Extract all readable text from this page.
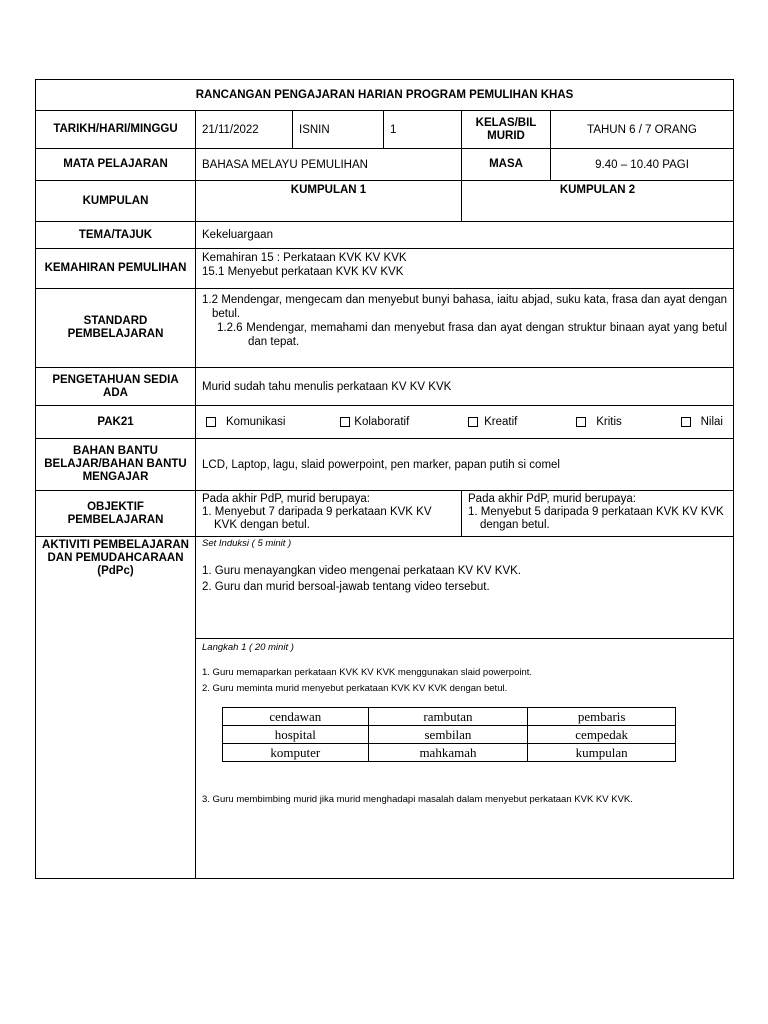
RANCANGAN PENGAJARAN HARIAN PROGRAM PEMULIHAN KHAS
TARIKH/HARI/MINGGU	21/11/2022	ISNIN	1	KELAS/BIL MURID	TAHUN 6 / 7 ORANG
MATA PELAJARAN	BAHASA MELAYU PEMULIHAN	MASA	9.40 – 10.40 PAGI
KUMPULAN	KUMPULAN 1	KUMPULAN 2
TEMA/TAJUK	Kekeluargaan
KEMAHIRAN PEMULIHAN	
Kemahiran 15 : Perkataan KVK KV KVK
15.1 Menyebut perkataan KVK KV KVK

STANDARD PEMBELAJARAN	
1.2 Mendengar, mengecam dan menyebut bunyi bahasa, iaitu abjad, suku kata, frasa dan ayat dengan betul.
1.2.6 Mendengar, memahami dan menyebut frasa dan ayat dengan struktur binaan ayat yang betul dan tepat.

PENGETAHUAN SEDIA ADA	Murid sudah tahu menulis perkataan KV KV KVK
PAK21	Komunikasi	Kolaboratif	Kreatif	Kritis	Nilai

BAHAN BANTU BELAJAR/BAHAN BANTU MENGAJAR	LCD, Laptop, lagu, slaid powerpoint, pen marker, papan putih si comel
OBJEKTIF PEMBELAJARAN	
Pada akhir PdP, murid berupaya:
1. Menyebut 7 daripada 9 perkataan KVK KV KVK dengan betul.

Pada akhir PdP, murid berupaya:
1. Menyebut 5 daripada 9 perkataan KVK KV KVK dengan betul.

AKTIVITI PEMBELAJARAN DAN PEMUDAHCARAAN (PdPc)	
Set Induksi ( 5 minit )
1. Guru menayangkan video mengenai perkataan KV KV KVK.
2. Guru dan murid bersoal-jawab tentang video tersebut.

Langkah 1 ( 20 minit )
1. Guru memaparkan perkataan KVK KV KVK menggunakan slaid powerpoint.
2. Guru meminta murid menyebut perkataan KVK KV KVK dengan betul.
cendawan	rambutan	pembaris
hospital	sembilan	cempedak
komputer	mahkamah	kumpulan
3. Guru membimbing murid jika murid menghadapi masalah dalam menyebut perkataan KVK KV KVK.
